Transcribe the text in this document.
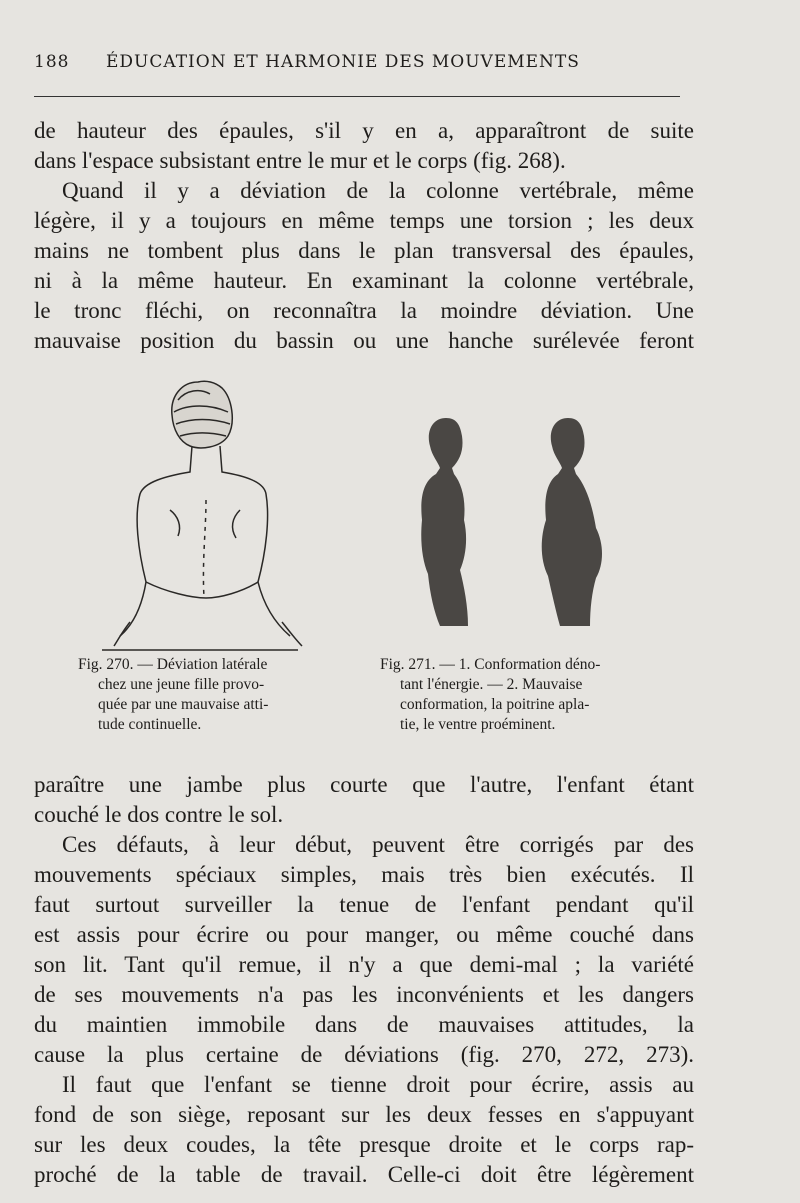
188 ÉDUCATION ET HARMONIE DES MOUVEMENTS
de hauteur des épaules, s'il y en a, apparaîtront de suite
dans l'espace subsistant entre le mur et le corps (fig. 268).
Quand il y a déviation de la colonne vertébrale, même
légère, il y a toujours en même temps une torsion ; les deux
mains ne tombent plus dans le plan transversal des épaules,
ni à la même hauteur. En examinant la colonne vertébrale,
le tronc fléchi, on reconnaîtra la moindre déviation. Une
mauvaise position du bassin ou une hanche surélevée feront
Fig. 270. — Déviation latérale
chez une jeune fille provo-
quée par une mauvaise atti-
tude continuelle.
Fig. 271. — 1. Conformation déno-
tant l'énergie. — 2. Mauvaise
conformation, la poitrine apla-
tie, le ventre proéminent.
paraître une jambe plus courte que l'autre, l'enfant étant
couché le dos contre le sol.
Ces défauts, à leur début, peuvent être corrigés par des
mouvements spéciaux simples, mais très bien exécutés. Il
faut surtout surveiller la tenue de l'enfant pendant qu'il
est assis pour écrire ou pour manger, ou même couché dans
son lit. Tant qu'il remue, il n'y a que demi-mal ; la variété
de ses mouvements n'a pas les inconvénients et les dangers
du maintien immobile dans de mauvaises attitudes, la
cause la plus certaine de déviations (fig. 270, 272, 273).
Il faut que l'enfant se tienne droit pour écrire, assis au
fond de son siège, reposant sur les deux fesses en s'appuyant
sur les deux coudes, la tête presque droite et le corps rap-
proché de la table de travail. Celle-ci doit être légèrement
